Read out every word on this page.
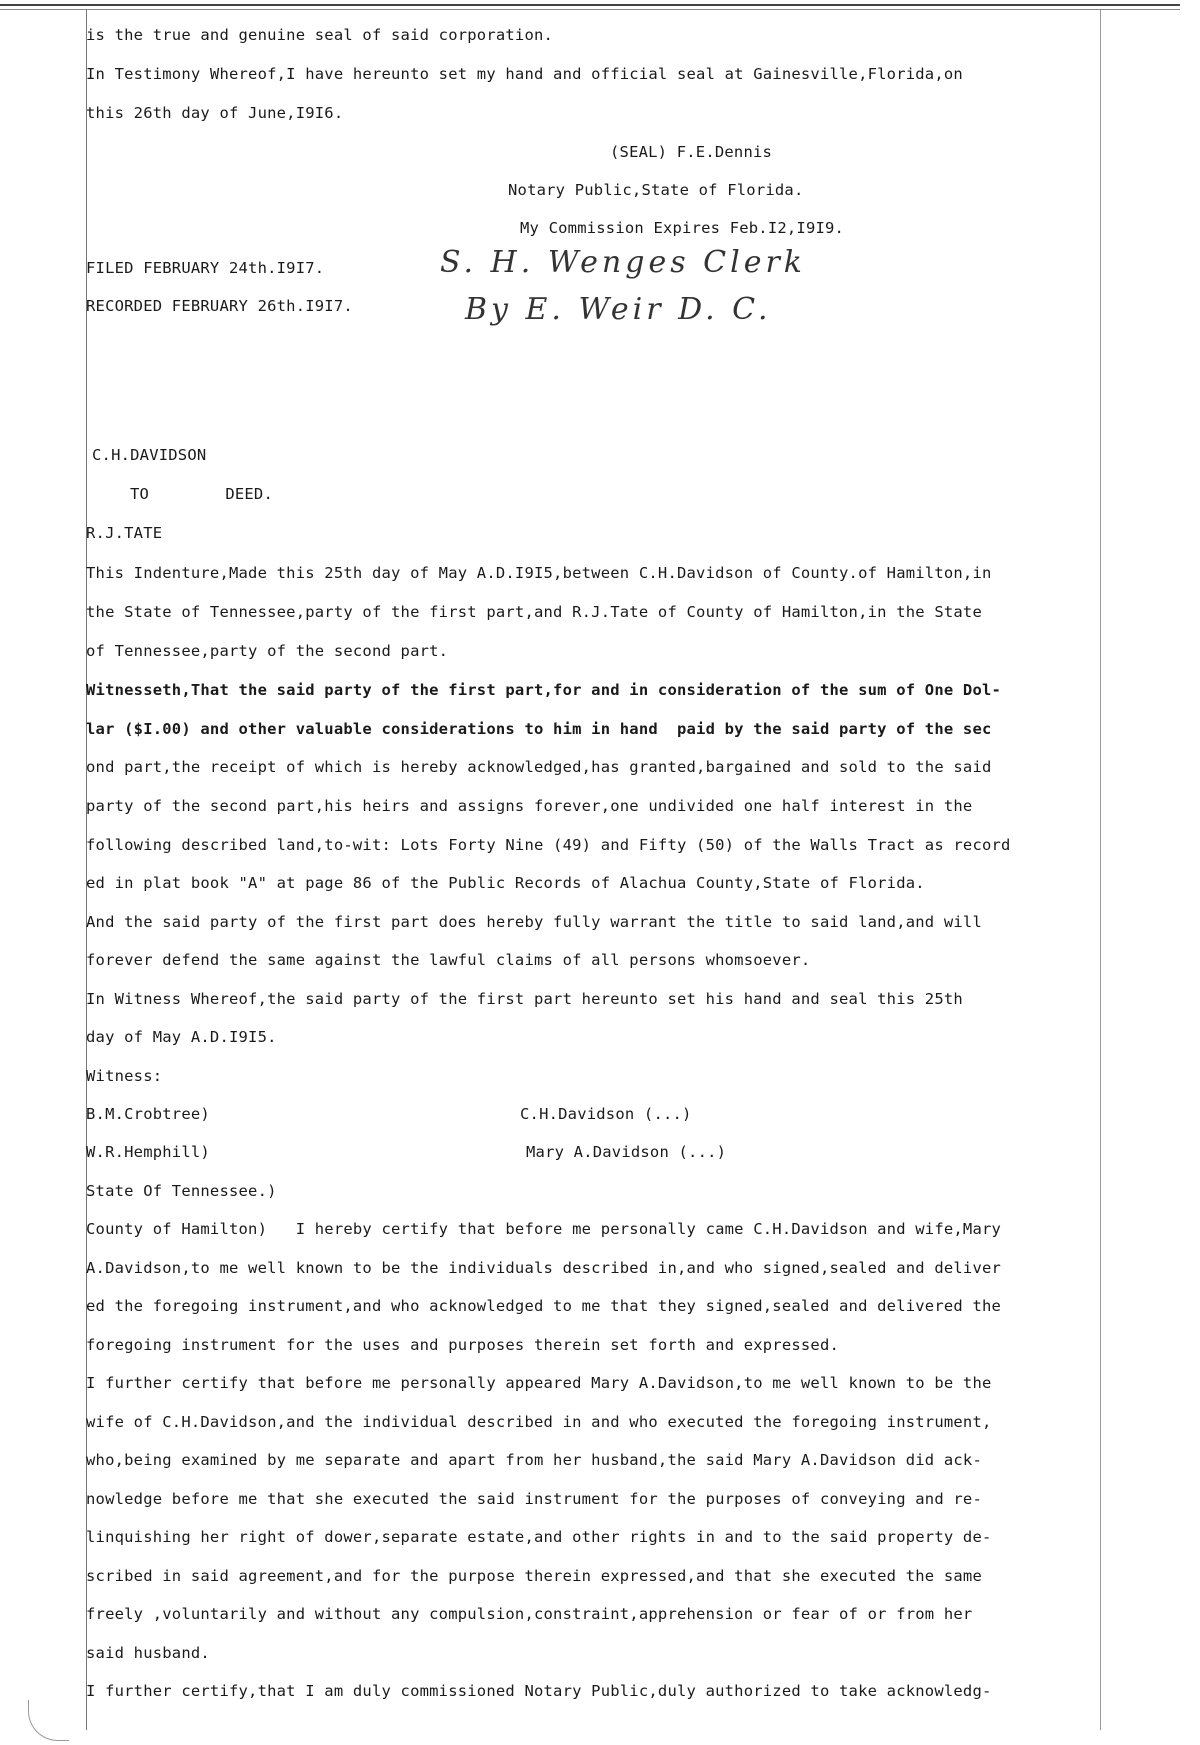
is the true and genuine seal of said corporation.
In Testimony Whereof,I have hereunto set my hand and official seal at Gainesville,Florida,on
this 26th day of June,I9I6.
(SEAL) F.E.Dennis
Notary Public,State of Florida.
My Commission Expires Feb.I2,I9I9.
FILED FEBRUARY 24th.I9I7.
RECORDED FEBRUARY 26th.I9I7.
S. H. Wenges Clerk
By E. Weir D. C.
C.H.DAVIDSON
TO        DEED.
R.J.TATE
This Indenture,Made this 25th day of May A.D.I9I5,between C.H.Davidson of County.of Hamilton,in
the State of Tennessee,party of the first part,and R.J.Tate of County of Hamilton,in the State
of Tennessee,party of the second part.
Witnesseth,That the said party of the first part,for and in consideration of the sum of One Dol-
lar ($I.00) and other valuable considerations to him in hand  paid by the said party of the sec
ond part,the receipt of which is hereby acknowledged,has granted,bargained and sold to the said
party of the second part,his heirs and assigns forever,one undivided one half interest in the
following described land,to-wit: Lots Forty Nine (49) and Fifty (50) of the Walls Tract as record
ed in plat book "A" at page 86 of the Public Records of Alachua County,State of Florida.
And the said party of the first part does hereby fully warrant the title to said land,and will
forever defend the same against the lawful claims of all persons whomsoever.
In Witness Whereof,the said party of the first part hereunto set his hand and seal this 25th
day of May A.D.I9I5.
Witness:
B.M.Crobtree)	C.H.Davidson (...)
W.R.Hemphill)	Mary A.Davidson (...)
State Of Tennessee.)
County of Hamilton)   I hereby certify that before me personally came C.H.Davidson and wife,Mary
A.Davidson,to me well known to be the individuals described in,and who signed,sealed and deliver
ed the foregoing instrument,and who acknowledged to me that they signed,sealed and delivered the
foregoing instrument for the uses and purposes therein set forth and expressed.
I further certify that before me personally appeared Mary A.Davidson,to me well known to be the
wife of C.H.Davidson,and the individual described in and who executed the foregoing instrument,
who,being examined by me separate and apart from her husband,the said Mary A.Davidson did ack-
nowledge before me that she executed the said instrument for the purposes of conveying and re-
linquishing her right of dower,separate estate,and other rights in and to the said property de-
scribed in said agreement,and for the purpose therein expressed,and that she executed the same
freely ,voluntarily and without any compulsion,constraint,apprehension or fear of or from her
said husband.
I further certify,that I am duly commissioned Notary Public,duly authorized to take acknowledg-
